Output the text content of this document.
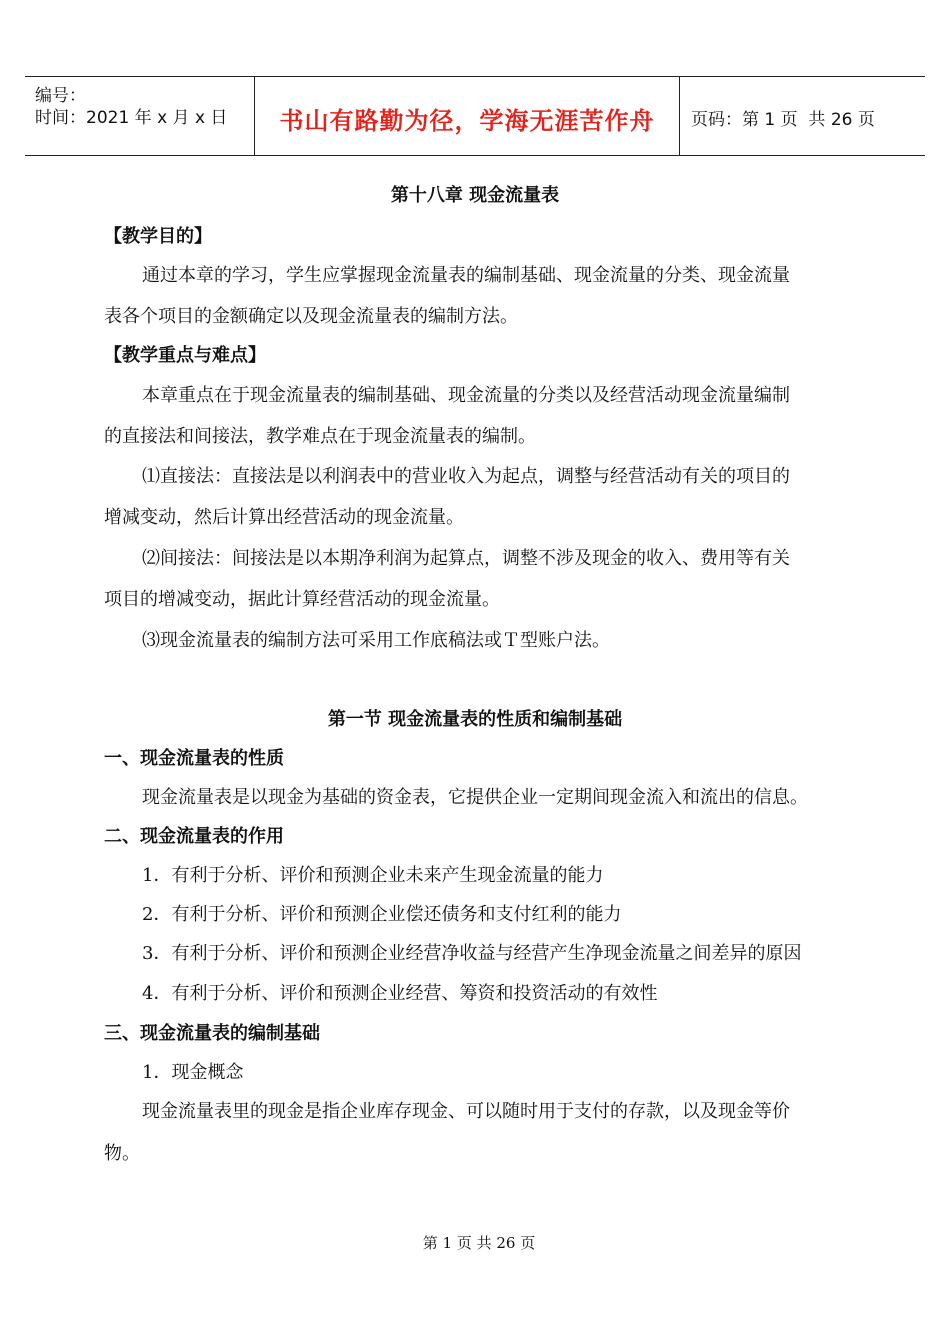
编号：
时间：2021 年 x 月 x 日	书山有路勤为径，学海无涯苦作舟	页码：第 1 页  共 26 页
第十八章 现金流量表
【教学目的】
通过本章的学习，学生应掌握现金流量表的编制基础、现金流量的分类、现金流量
表各个项目的金额确定以及现金流量表的编制方法。
【教学重点与难点】
本章重点在于现金流量表的编制基础、现金流量的分类以及经营活动现金流量编制
的直接法和间接法，教学难点在于现金流量表的编制。
⑴直接法：直接法是以利润表中的营业收入为起点，调整与经营活动有关的项目的
增减变动，然后计算出经营活动的现金流量。
⑵间接法：间接法是以本期净利润为起算点，调整不涉及现金的收入、费用等有关
项目的增减变动，据此计算经营活动的现金流量。
⑶现金流量表的编制方法可采用工作底稿法或Ｔ型账户法。
第一节 现金流量表的性质和编制基础
一、现金流量表的性质
现金流量表是以现金为基础的资金表，它提供企业一定期间现金流入和流出的信息。
二、现金流量表的作用
1．有利于分析、评价和预测企业未来产生现金流量的能力
2．有利于分析、评价和预测企业偿还债务和支付红利的能力
3．有利于分析、评价和预测企业经营净收益与经营产生净现金流量之间差异的原因
4．有利于分析、评价和预测企业经营、筹资和投资活动的有效性
三、现金流量表的编制基础
1．现金概念
现金流量表里的现金是指企业库存现金、可以随时用于支付的存款，以及现金等价
物。
第 1 页 共 26 页
